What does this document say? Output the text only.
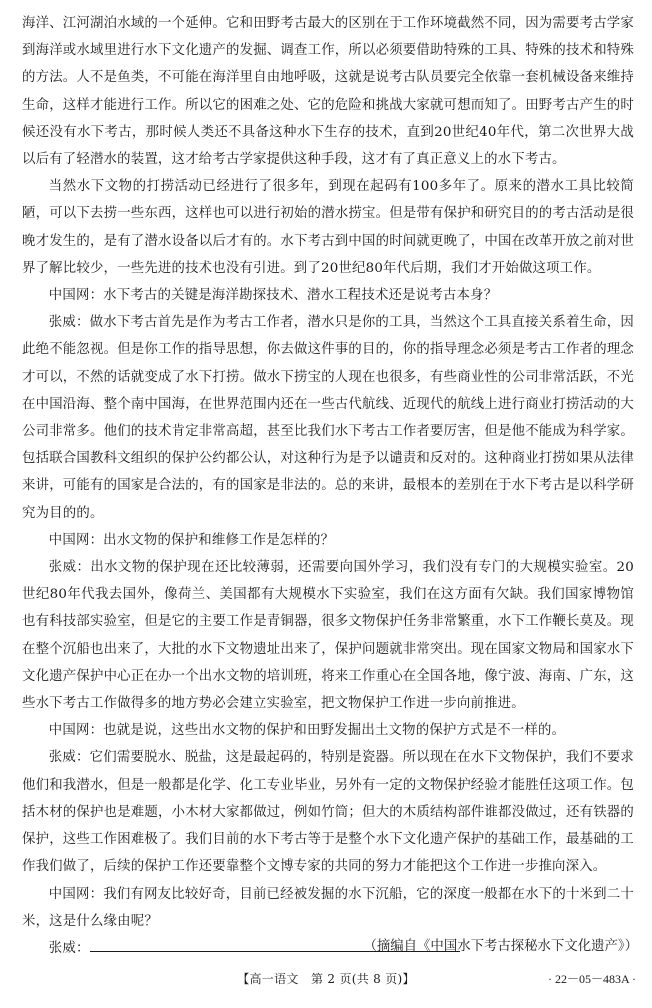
海洋、江河湖泊水域的一个延伸。它和田野考古最大的区别在于工作环境截然不同，因为需要考古学家到海洋或水域里进行水下文化遗产的发掘、调查工作，所以必须要借助特殊的工具、特殊的技术和特殊的方法。人不是鱼类，不可能在海洋里自由地呼吸，这就是说考古队员要完全依靠一套机械设备来维持生命，这样才能进行工作。所以它的困难之处、它的危险和挑战大家就可想而知了。田野考古产生的时候还没有水下考古，那时候人类还不具备这种水下生存的技术，直到20世纪40年代，第二次世界大战以后有了轻潜水的装置，这才给考古学家提供这种手段，这才有了真正意义上的水下考古。

当然水下文物的打捞活动已经进行了很多年，到现在起码有100多年了。原来的潜水工具比较简陋，可以下去捞一些东西，这样也可以进行初始的潜水捞宝。但是带有保护和研究目的的考古活动是很晚才发生的，是有了潜水设备以后才有的。水下考古到中国的时间就更晚了，中国在改革开放之前对世界了解比较少，一些先进的技术也没有引进。到了20世纪80年代后期，我们才开始做这项工作。

中国网：水下考古的关键是海洋勘探技术、潜水工程技术还是说考古本身？

张威：做水下考古首先是作为考古工作者，潜水只是你的工具，当然这个工具直接关系着生命，因此绝不能忽视。但是你工作的指导思想，你去做这件事的目的，你的指导理念必须是考古工作者的理念才可以，不然的话就变成了水下打捞。做水下捞宝的人现在也很多，有些商业性的公司非常活跃，不光在中国沿海、整个南中国海，在世界范围内还在一些古代航线、近现代的航线上进行商业打捞活动的大公司非常多。他们的技术肯定非常高超，甚至比我们水下考古工作者要厉害，但是他不能成为科学家。包括联合国教科文组织的保护公约都公认，对这种行为是予以谴责和反对的。这种商业打捞如果从法律来讲，可能有的国家是合法的，有的国家是非法的。总的来讲，最根本的差别在于水下考古是以科学研究为目的的。

中国网：出水文物的保护和维修工作是怎样的？

张威：出水文物的保护现在还比较薄弱，还需要向国外学习，我们没有专门的大规模实验室。20世纪80年代我去国外，像荷兰、美国都有大规模水下实验室，我们在这方面有欠缺。我们国家博物馆也有科技部实验室，但是它的主要工作是青铜器，很多文物保护任务非常繁重，水下工作鞭长莫及。现在整个沉船也出来了，大批的水下文物遗址出来了，保护问题就非常突出。现在国家文物局和国家水下文化遗产保护中心正在办一个出水文物的培训班，将来工作重心在全国各地，像宁波、海南、广东，这些水下考古工作做得多的地方势必会建立实验室，把文物保护工作进一步向前推进。

中国网：也就是说，这些出水文物的保护和田野发掘出土文物的保护方式是不一样的。

张威：它们需要脱水、脱盐，这是最起码的，特别是瓷器。所以现在在水下文物保护，我们不要求他们和我潜水，但是一般都是化学、化工专业毕业，另外有一定的文物保护经验才能胜任这项工作。包括木材的保护也是难题，小木材大家都做过，例如竹筒；但大的木质结构部件谁都没做过，还有铁器的保护，这些工作困难极了。我们目前的水下考古等于是整个水下文化遗产保护的基础工作，最基础的工作我们做了，后续的保护工作还要靠整个文博专家的共同的努力才能把这个工作进一步推向深入。

中国网：我们有网友比较好奇，目前已经被发掘的水下沉船，它的深度一般都在水下的十米到二十米，这是什么缘由呢？

张威：	（摘编自《中国水下考古探秘水下文化遗产》）
【高一语文　第 2 页(共 8 页)】	· 22－05－483A ·
